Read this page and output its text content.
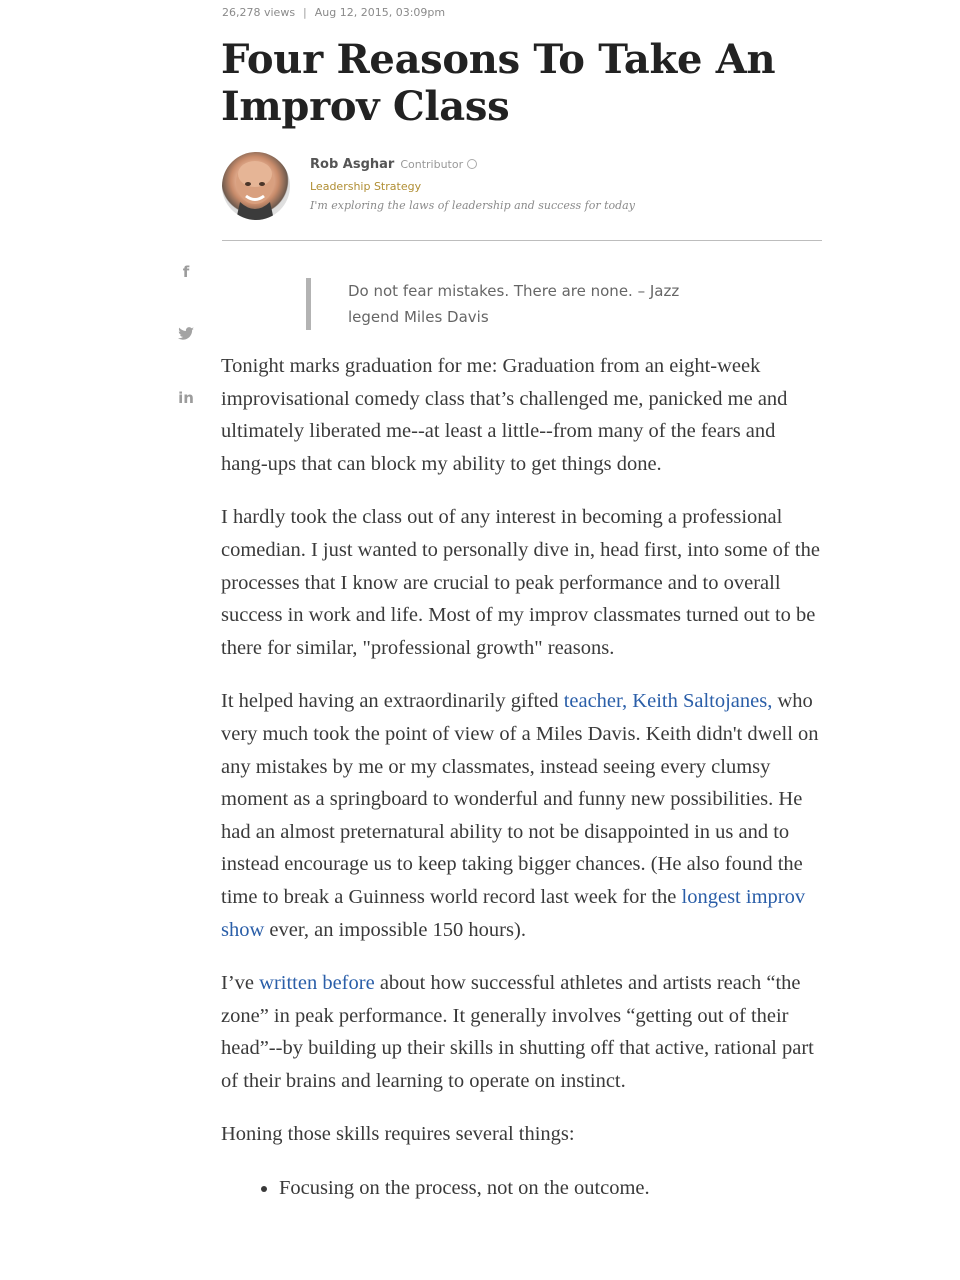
26,278 views | Aug 12, 2015, 03:09pm
Four Reasons To Take An Improv Class
Rob Asghar Contributor
Leadership Strategy
I'm exploring the laws of leadership and success for today
f
in

Do not fear mistakes. There are none. – Jazz legend Miles Davis

Tonight marks graduation for me: Graduation from an eight-week improvisational comedy class that’s challenged me, panicked me and ultimately liberated me--at least a little--from many of the fears and hang-ups that can block my ability to get things done.

I hardly took the class out of any interest in becoming a professional comedian. I just wanted to personally dive in, head first, into some of the processes that I know are crucial to peak performance and to overall success in work and life. Most of my improv classmates turned out to be there for similar, "professional growth" reasons.

It helped having an extraordinarily gifted teacher, Keith Saltojanes, who very much took the point of view of a Miles Davis. Keith didn't dwell on any mistakes by me or my classmates, instead seeing every clumsy moment as a springboard to wonderful and funny new possibilities. He had an almost preternatural ability to not be disappointed in us and to instead encourage us to keep taking bigger chances. (He also found the time to break a Guinness world record last week for the longest improv show ever, an impossible 150 hours).

I’ve written before about how successful athletes and artists reach “the zone” in peak performance. It generally involves “getting out of their head”--by building up their skills in shutting off that active, rational part of their brains and learning to operate on instinct.

Honing those skills requires several things:

• Focusing on the process, not on the outcome.
